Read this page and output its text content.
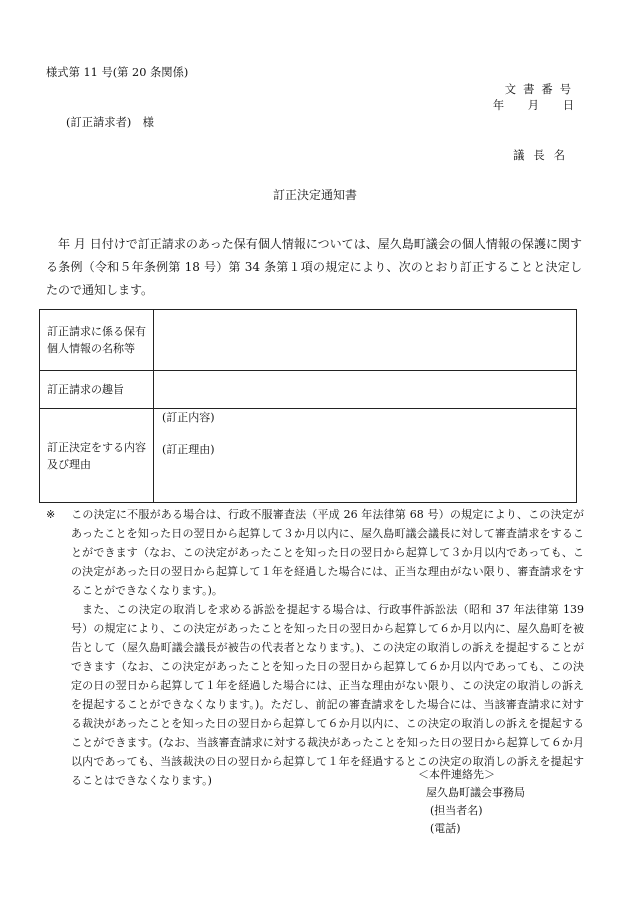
様式第 11 号(第 20 条関係)
文書番号
年 月 日
(訂正請求者)　様
議長名
訂正決定通知書
　年 月 日付けで訂正請求のあった保有個人情報については、屋久島町議会の個人情報の保護に関する条例（令和５年条例第 18 号）第 34 条第１項の規定により、次のとおり訂正することと決定したので通知します。
訂正請求に係る保有個人情報の名称等	
訂正請求の趣旨	
訂正決定をする内容及び理由	(訂正内容)
(訂正理由)
※ この決定に不服がある場合は、行政不服審査法（平成 26 年法律第 68 号）の規定により、この決定があったことを知った日の翌日から起算して３か月以内に、屋久島町議会議長に対して審査請求をすることができます（なお、この決定があったことを知った日の翌日から起算して３か月以内であっても、この決定があった日の翌日から起算して１年を経過した場合には、正当な理由がない限り、審査請求をすることができなくなります。)。
また、この決定の取消しを求める訴訟を提起する場合は、行政事件訴訟法（昭和 37 年法律第 139 号）の規定により、この決定があったことを知った日の翌日から起算して６か月以内に、屋久島町を被告として（屋久島町議会議長が被告の代表者となります。)、この決定の取消しの訴えを提起することができます（なお、この決定があったことを知った日の翌日から起算して６か月以内であっても、この決定の日の翌日から起算して１年を経過した場合には、正当な理由がない限り、この決定の取消しの訴えを提起することができなくなります。)。ただし、前記の審査請求をした場合には、当該審査請求に対する裁決があったことを知った日の翌日から起算して６か月以内に、この決定の取消しの訴えを提起することができます。(なお、当該審査請求に対する裁決があったことを知った日の翌日から起算して６か月以内であっても、当該裁決の日の翌日から起算して１年を経過するとこの決定の取消しの訴えを提起することはできなくなります。)	＜本件連絡先＞
屋久島町議会事務局
(担当者名)
(電話)
